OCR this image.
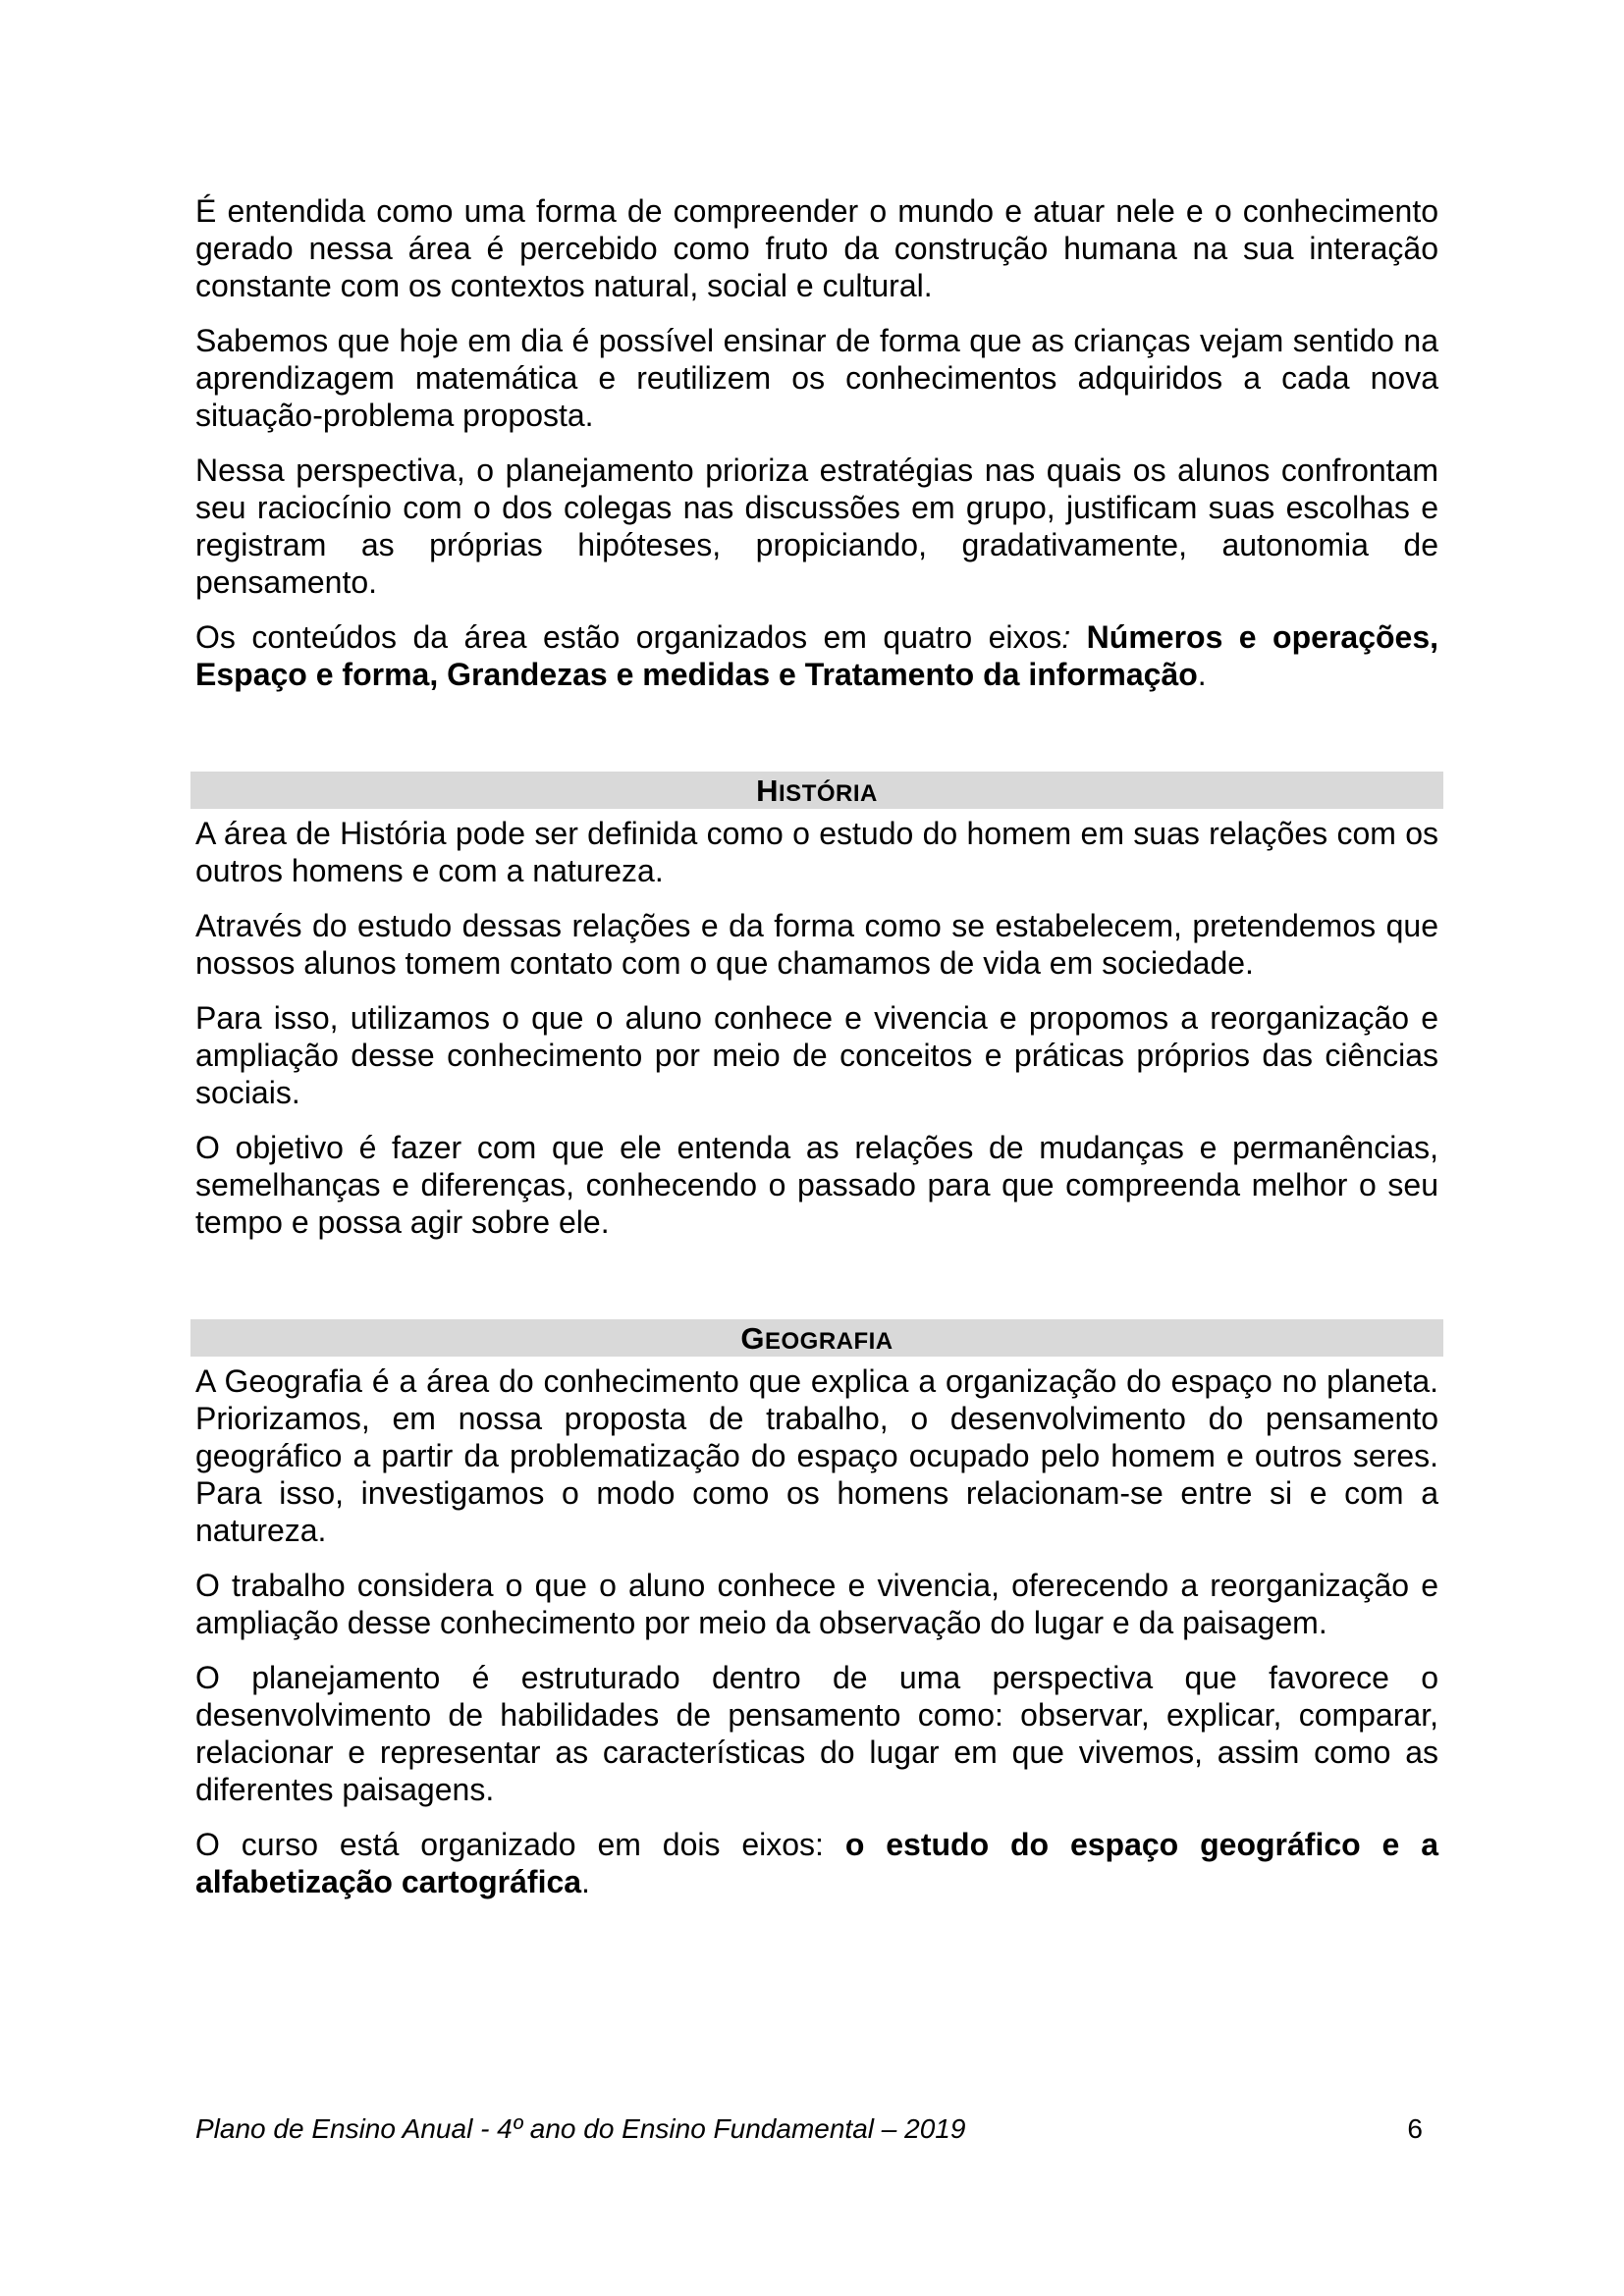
É entendida como uma forma de compreender o mundo e atuar nele e o conhecimento gerado nessa área é percebido como fruto da construção humana na sua interação constante com os contextos natural, social e cultural.

Sabemos que hoje em dia é possível ensinar de forma que as crianças vejam sentido na aprendizagem matemática e reutilizem os conhecimentos adquiridos a cada nova situação-problema proposta.

Nessa perspectiva, o planejamento prioriza estratégias nas quais os alunos confrontam seu raciocínio com o dos colegas nas discussões em grupo, justificam suas escolhas e registram as próprias hipóteses, propiciando, gradativamente, autonomia de pensamento.

Os conteúdos da área estão organizados em quatro eixos: Números e operações, Espaço e forma, Grandezas e medidas e Tratamento da informação.

HISTÓRIA

A área de História pode ser definida como o estudo do homem em suas relações com os outros homens e com a natureza.

Através do estudo dessas relações e da forma como se estabelecem, pretendemos que nossos alunos tomem contato com o que chamamos de vida em sociedade.

Para isso, utilizamos o que o aluno conhece e vivencia e propomos a reorganização e ampliação desse conhecimento por meio de conceitos e práticas próprios das ciências sociais.

O objetivo é fazer com que ele entenda as relações de mudanças e permanências, semelhanças e diferenças, conhecendo o passado para que compreenda melhor o seu tempo e possa agir sobre ele.

GEOGRAFIA

A Geografia é a área do conhecimento que explica a organização do espaço no planeta. Priorizamos, em nossa proposta de trabalho, o desenvolvimento do pensamento geográfico a partir da problematização do espaço ocupado pelo homem e outros seres. Para isso, investigamos o modo como os homens relacionam-se entre si e com a natureza.

O trabalho considera o que o aluno conhece e vivencia, oferecendo a reorganização e ampliação desse conhecimento por meio da observação do lugar e da paisagem.

O planejamento é estruturado dentro de uma perspectiva que favorece o desenvolvimento de habilidades de pensamento como: observar, explicar, comparar, relacionar e representar as características do lugar em que vivemos, assim como as diferentes paisagens.

O curso está organizado em dois eixos: o estudo do espaço geográfico e a alfabetização cartográfica.

Plano de Ensino Anual - 4º ano do Ensino Fundamental – 2019	6
